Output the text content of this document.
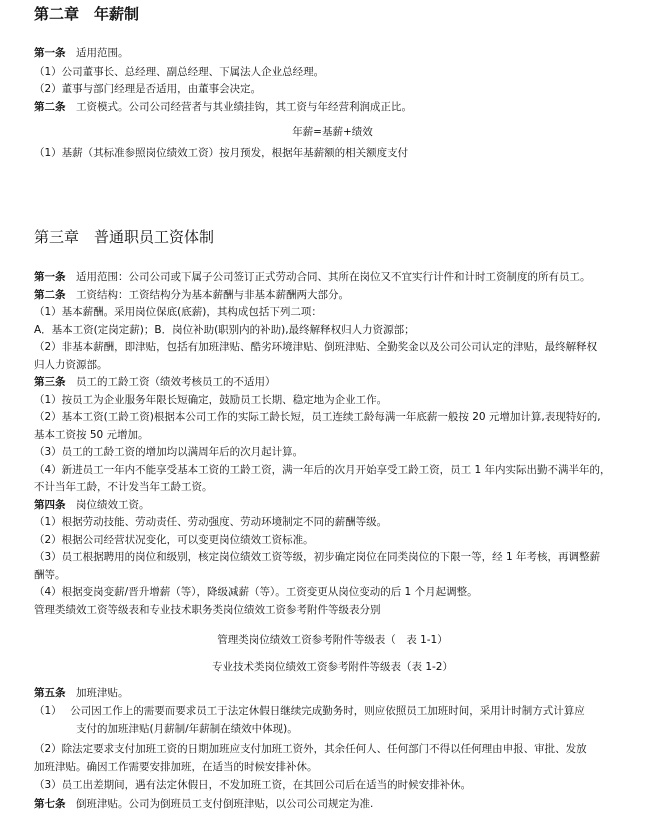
第二章　年薪制
第一条　适用范围。
（1）公司董事长、总经理、副总经理、下属法人企业总经理。
（2）董事与部门经理是否适用，由董事会决定。
第二条　工资模式。公司公司经营者与其业绩挂钩，其工资与年经营利润成正比。
年薪=基薪+绩效
（1）基薪（其标准参照岗位绩效工资）按月预发，根据年基薪额的相关额度支付
第三章　普通职员工资体制
第一条　适用范围：公司公司或下属子公司签订正式劳动合同、其所在岗位又不宜实行计件和计时工资制度的所有员工。
第二条　工资结构：工资结构分为基本薪酬与非基本薪酬两大部分。
（1）基本薪酬。采用岗位保底(底薪)，其构成包括下列二项：
A．基本工资(定岗定薪)；B．岗位补助(职别内的补助),最终解释权归人力资源部；
（2）非基本薪酬，即津贴，包括有加班津贴、酷劣环境津贴、倒班津贴、全勤奖金以及公司公司认定的津贴，最终解释权
归人力资源部。
第三条　员工的工龄工资（绩效考核员工的不适用）
（1）按员工为企业服务年限长短确定，鼓励员工长期、稳定地为企业工作。
（2）基本工资(工龄工资)根据本公司工作的实际工龄长短，员工连续工龄每满一年底薪一般按 20 元增加计算,表现特好的,
基本工资按 50 元增加。
（3）员工的工龄工资的增加均以满周年后的次月起计算。
（4）新进员工一年内不能享受基本工资的工龄工资，满一年后的次月开始享受工龄工资，员工 1 年内实际出勤不满半年的，
不计当年工龄，不计发当年工龄工资。
第四条　岗位绩效工资。
（1）根据劳动技能、劳动责任、劳动强度、劳动环境制定不同的薪酬等级。
（2）根据公司经营状况变化，可以变更岗位绩效工资标准。
（3）员工根据聘用的岗位和级别，核定岗位绩效工资等级，初步确定岗位在同类岗位的下限一等，经 1 年考核，再调整薪
酬等。
（4）根据变岗变薪/晋升增薪（等），降级减薪（等）。工资变更从岗位变动的后 1 个月起调整。
管理类绩效工资等级表和专业技术职务类岗位绩效工资参考附件等级表分别
管理类岗位绩效工资参考附件等级表（　表 1-1）
专业技术类岗位绩效工资参考附件等级表（表 1-2）
第五条　加班津贴。
（1）　 公司因工作上的需要而要求员工于法定休假日继续完成勤务时，则应依照员工加班时间，采用计时制方式计算应
支付的加班津贴(月薪制/年薪制在绩效中体现)。
（2）除法定要求支付加班工资的日期加班应支付加班工资外，其余任何人、任何部门不得以任何理由申报、审批、发放
加班津贴。确因工作需要安排加班，在适当的时候安排补休。
（3）员工出差期间，遇有法定休假日，不发加班工资，在其回公司后在适当的时候安排补休。
第七条　倒班津贴。公司为倒班员工支付倒班津贴，以公司公司规定为准.
